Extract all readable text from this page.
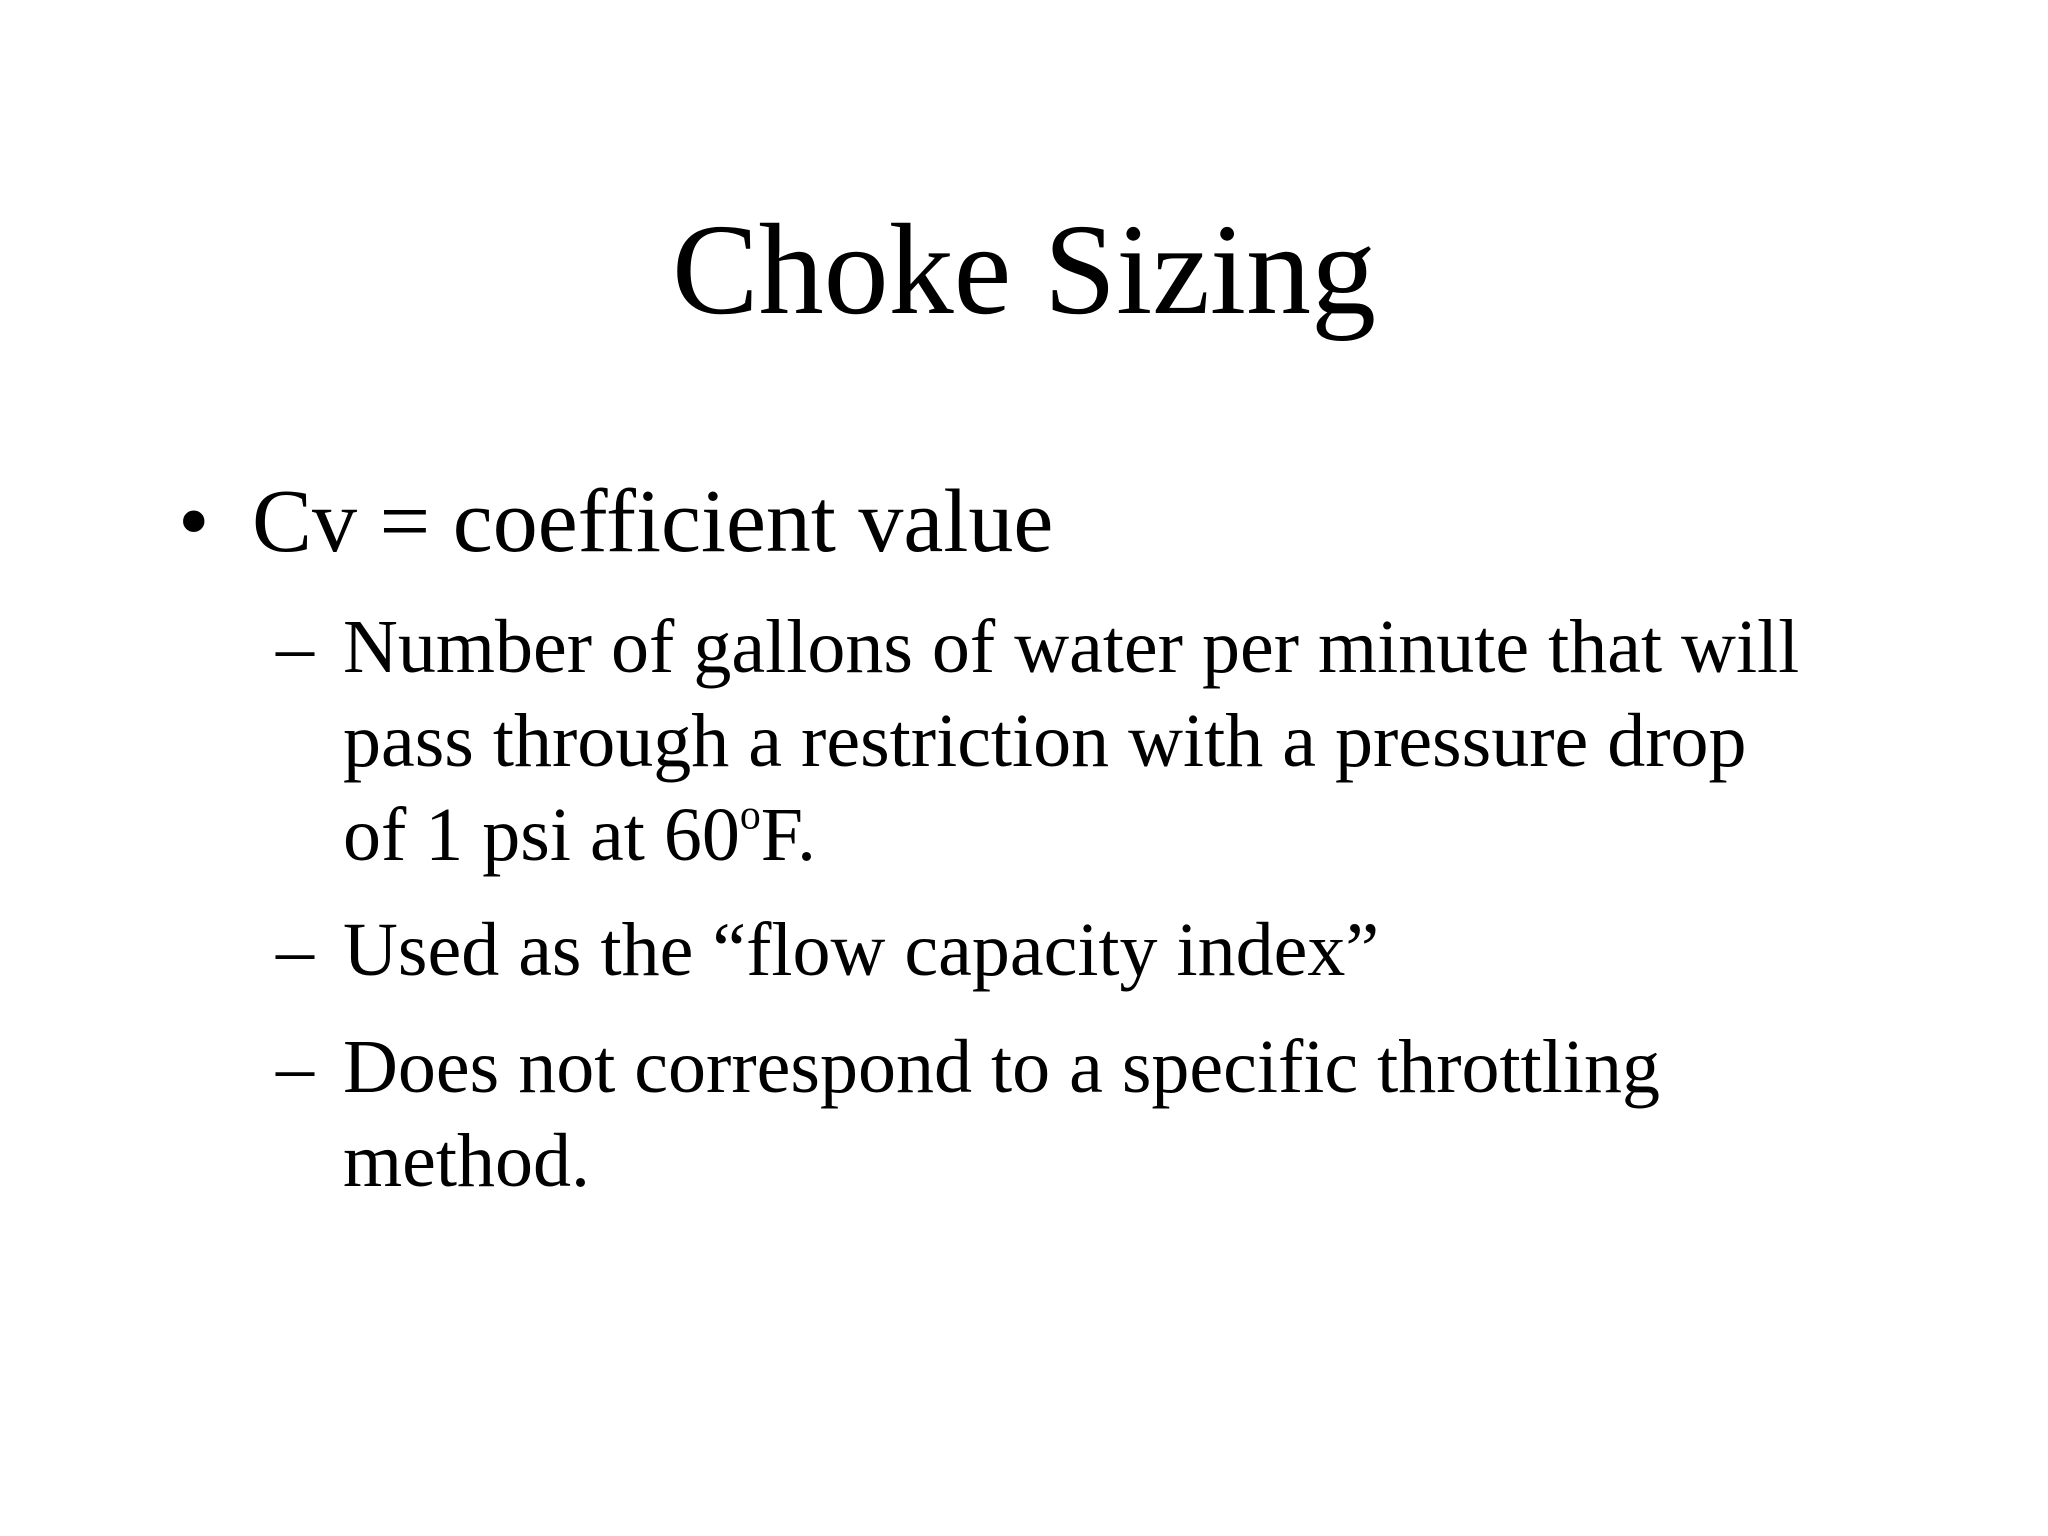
Choke Sizing
• Cv = coefficient value
– Number of gallons of water per minute that will
pass through a restriction with a pressure drop
of 1 psi at 60$^o$F.
– Used as the “flow capacity index”
– Does not correspond to a specific throttling
method.
